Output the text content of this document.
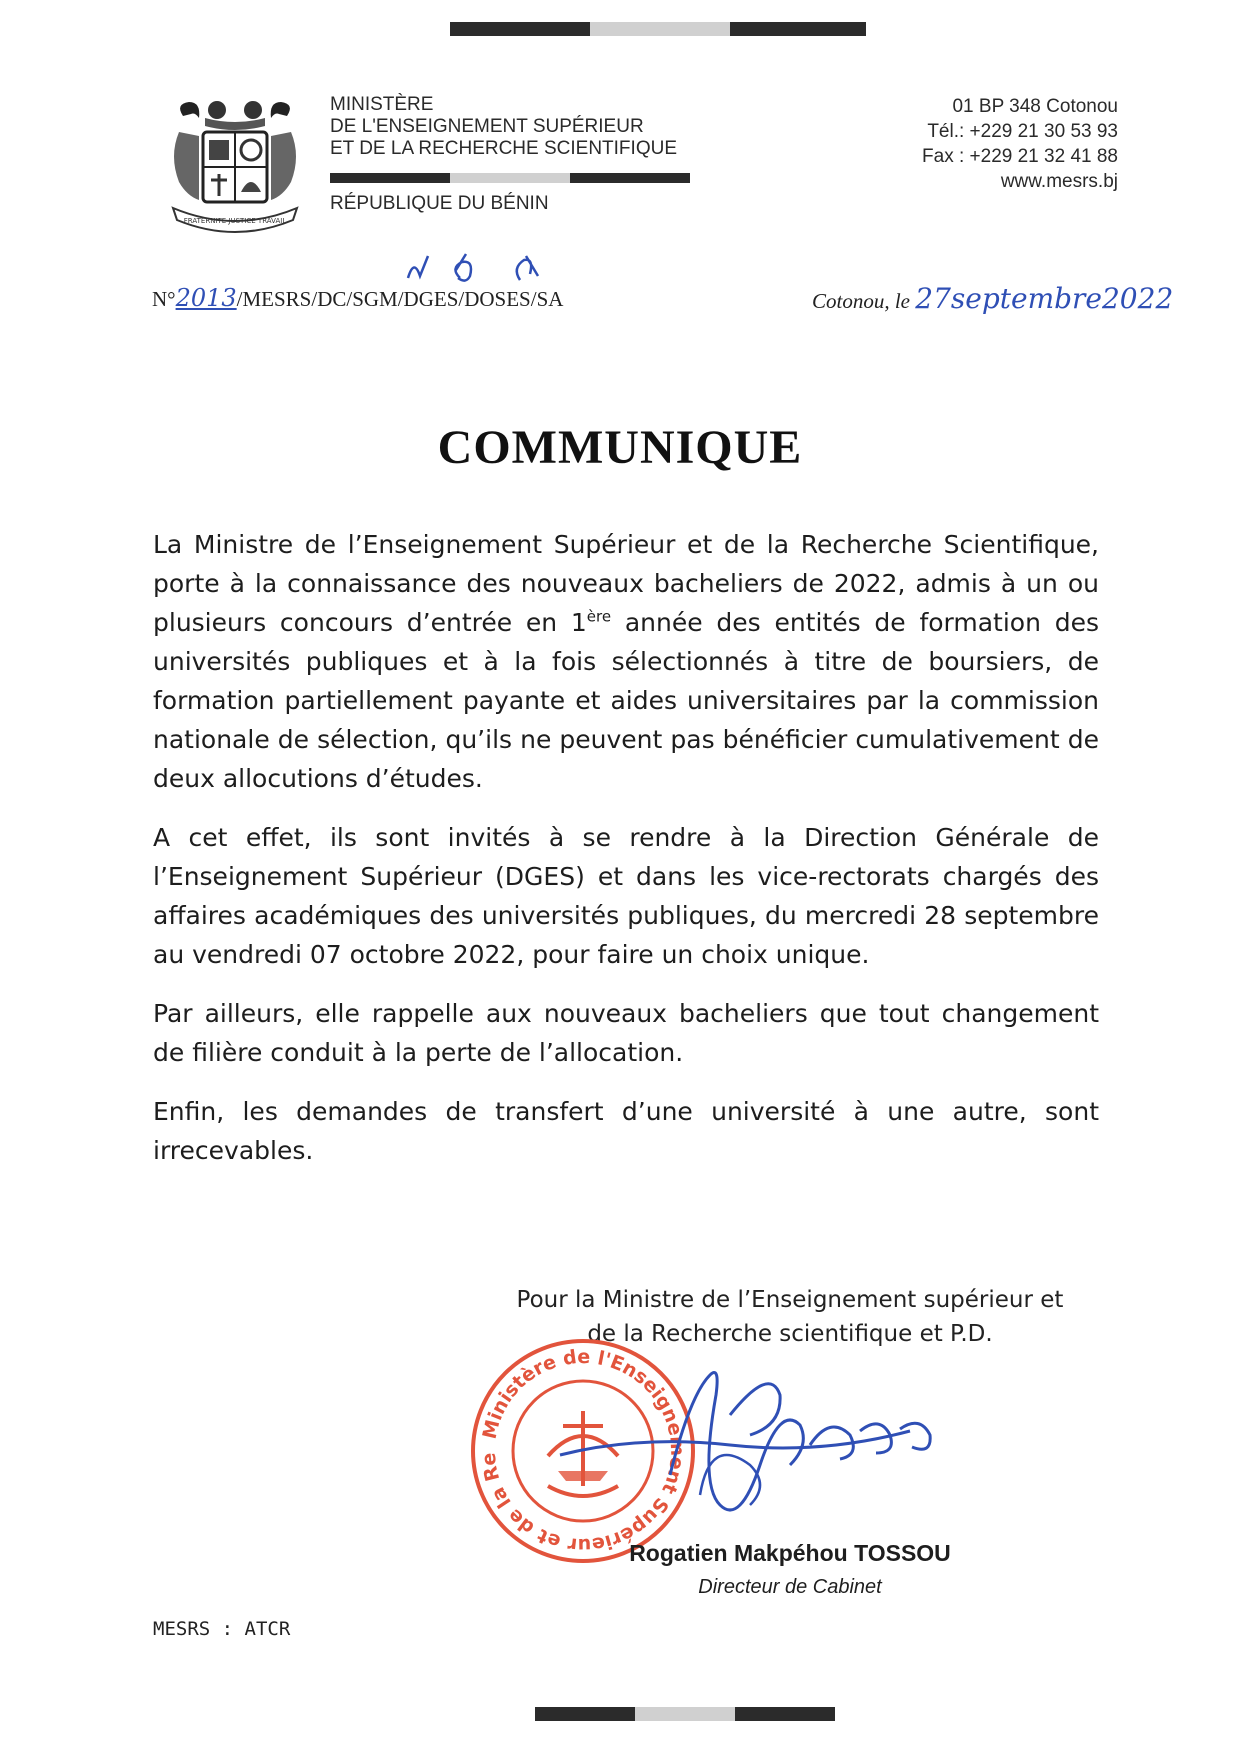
FRATERNITE JUSTICE TRAVAIL
MINISTÈRE
DE L'ENSEIGNEMENT SUPÉRIEUR
ET DE LA RECHERCHE SCIENTIFIQUE
RÉPUBLIQUE DU BÉNIN
01 BP 348 Cotonou
Tél.: +229 21 30 53 93
Fax : +229 21 32 41 88
www.mesrs.bj
N°2013/MESRS/DC/SGM/DGES/DOSES/SA	Cotonou, le 27septembre2022
COMMUNIQUE

La Ministre de l’Enseignement Supérieur et de la Recherche Scientifique, porte à la connaissance des nouveaux bacheliers de 2022, admis à un ou plusieurs concours d’entrée en 1ère année des entités de formation des universités publiques et à la fois sélectionnés à titre de boursiers, de formation partiellement payante et aides universitaires par la commission nationale de sélection, qu’ils ne peuvent pas bénéficier cumulativement de deux allocutions d’études.

A cet effet, ils sont invités à se rendre à la Direction Générale de l’Enseignement Supérieur (DGES) et dans les vice-rectorats chargés des affaires académiques des universités publiques, du mercredi 28 septembre au vendredi 07 octobre 2022, pour faire un choix unique.

Par ailleurs, elle rappelle aux nouveaux bacheliers que tout changement de filière conduit à la perte de l’allocation.

Enfin, les demandes de transfert d’une université à une autre, sont irrecevables.

Pour la Ministre de l’Enseignement supérieur et
de la Recherche scientifique et P.D.
Ministère de l'Enseignement Supérieur et de la Re
Rogatien Makpéhou TOSSOU
Directeur de Cabinet
MESRS : ATCR
